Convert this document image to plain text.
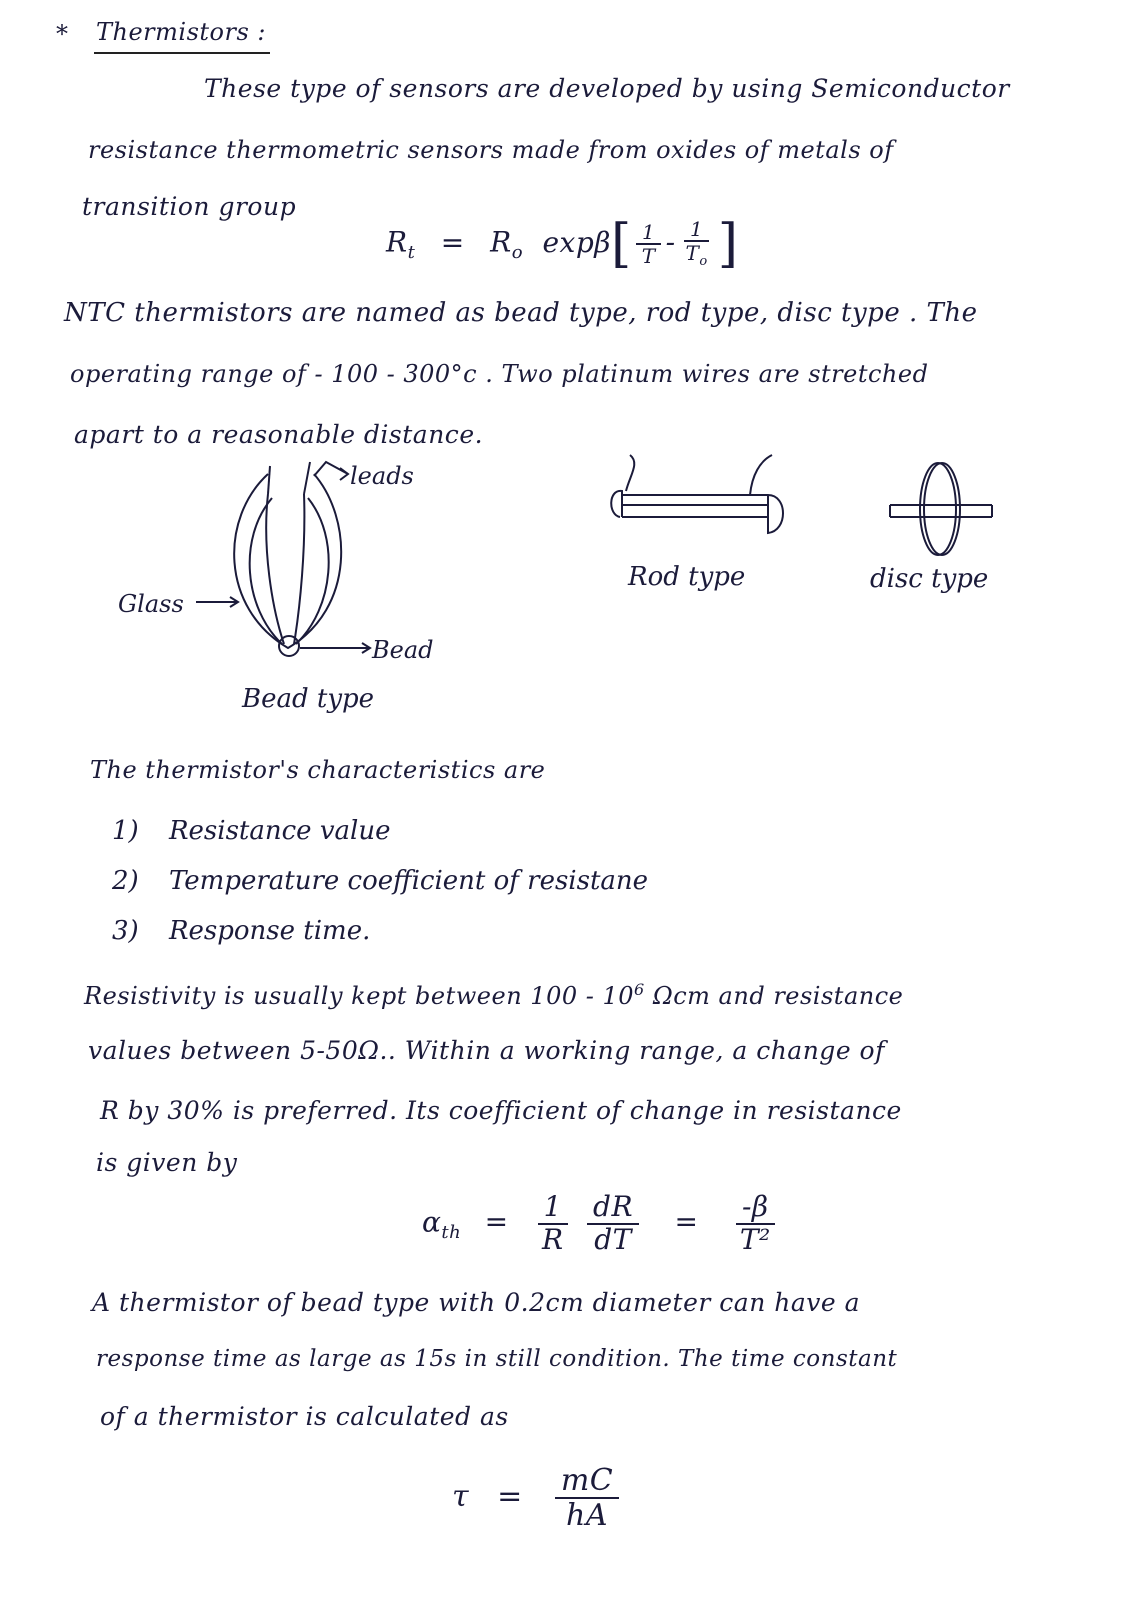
* Thermistors :
These type of sensors are developed by using Semiconductor
resistance thermometric sensors made from oxides of metals of
transition group
$R_t = R_o$ $\exp\beta[ \frac{1}{T} - \frac{1}{T_o}$ ]
NTC thermistors are named as bead type, rod type, disc type . The
operating range of - 100 - 300°c . Two platinum wires are stretched
apart to a reasonable distance.
leads
Glass
Bead
Bead type
Rod type	disc type
The thermistor's characteristics are
1) Resistance value
2) Temperature coefficient of resistane
3) Response time.
Resistivity is usually kept between $100 - 10^6$ Ωcm and resistance
values between 5-50Ω.. Within a working range, a change of
R by 30% is preferred. Its coefficient of change in resistance
is given by
$\alpha_{th} = \frac{1}{R}$
$\frac{dR}{dT} = \frac{-\beta}{\text{T²}}$
A thermistor of bead type with 0.2cm diameter can have a
response time as large as 15s in still condition. The time constant
of a thermistor is calculated as
$\tau = \frac{mC}{hA}$
